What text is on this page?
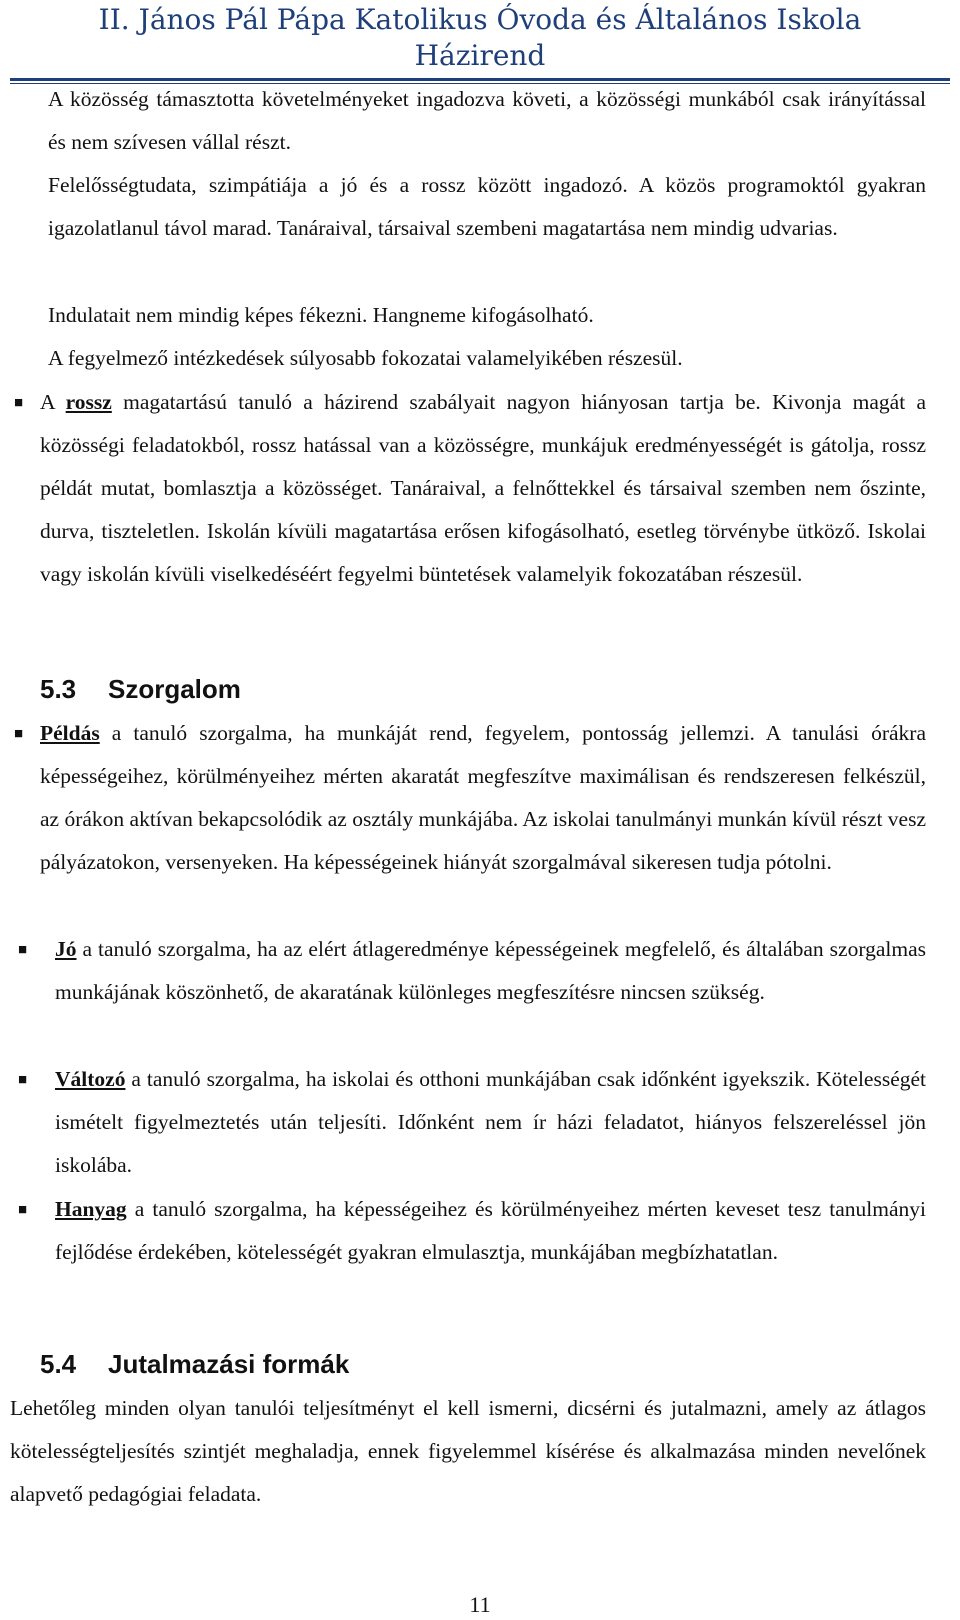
II. János Pál Pápa Katolikus Óvoda és Általános Iskola
Házirend

A közösség támasztotta követelményeket ingadozva követi, a közösségi munkából csak irányítással és nem szívesen vállal részt.

Felelősségtudata, szimpátiája a jó és a rossz között ingadozó. A közös programoktól gyakran igazolatlanul távol marad. Tanáraival, társaival szembeni magatartása nem mindig udvarias.

Indulatait nem mindig képes fékezni. Hangneme kifogásolható.

A fegyelmező intézkedések súlyosabb fokozatai valamelyikében részesül.

■ A rossz magatartású tanuló a házirend szabályait nagyon hiányosan tartja be. Kivonja magát a közösségi feladatokból, rossz hatással van a közösségre, munkájuk eredményességét is gátolja, rossz példát mutat, bomlasztja a közösséget. Tanáraival, a felnőttekkel és társaival szemben nem őszinte, durva, tiszteletlen. Iskolán kívüli magatartása erősen kifogásolható, esetleg törvénybe ütköző. Iskolai vagy iskolán kívüli viselkedéséért fegyelmi büntetések valamelyik fokozatában részesül.

5.3 Szorgalom
■ Példás a tanuló szorgalma, ha munkáját rend, fegyelem, pontosság jellemzi. A tanulási órákra képességeihez, körülményeihez mérten akaratát megfeszítve maximálisan és rendszeresen felkészül, az órákon aktívan bekapcsolódik az osztály munkájába. Az iskolai tanulmányi munkán kívül részt vesz pályázatokon, versenyeken. Ha képességeinek hiányát szorgalmával sikeresen tudja pótolni.

■ Jó a tanuló szorgalma, ha az elért átlageredménye képességeinek megfelelő, és általában szorgalmas munkájának köszönhető, de akaratának különleges megfeszítésre nincsen szükség.

■ Változó a tanuló szorgalma, ha iskolai és otthoni munkájában csak időnként igyekszik. Kötelességét ismételt figyelmeztetés után teljesíti. Időnként nem ír házi feladatot, hiányos felszereléssel jön iskolába.

■ Hanyag a tanuló szorgalma, ha képességeihez és körülményeihez mérten keveset tesz tanulmányi fejlődése érdekében, kötelességét gyakran elmulasztja, munkájában megbízhatatlan.

5.4 Jutalmazási formák

Lehetőleg minden olyan tanulói teljesítményt el kell ismerni, dicsérni és jutalmazni, amely az átlagos kötelességteljesítés szintjét meghaladja, ennek figyelemmel kísérése és alkalmazása minden nevelőnek alapvető pedagógiai feladata.

11
